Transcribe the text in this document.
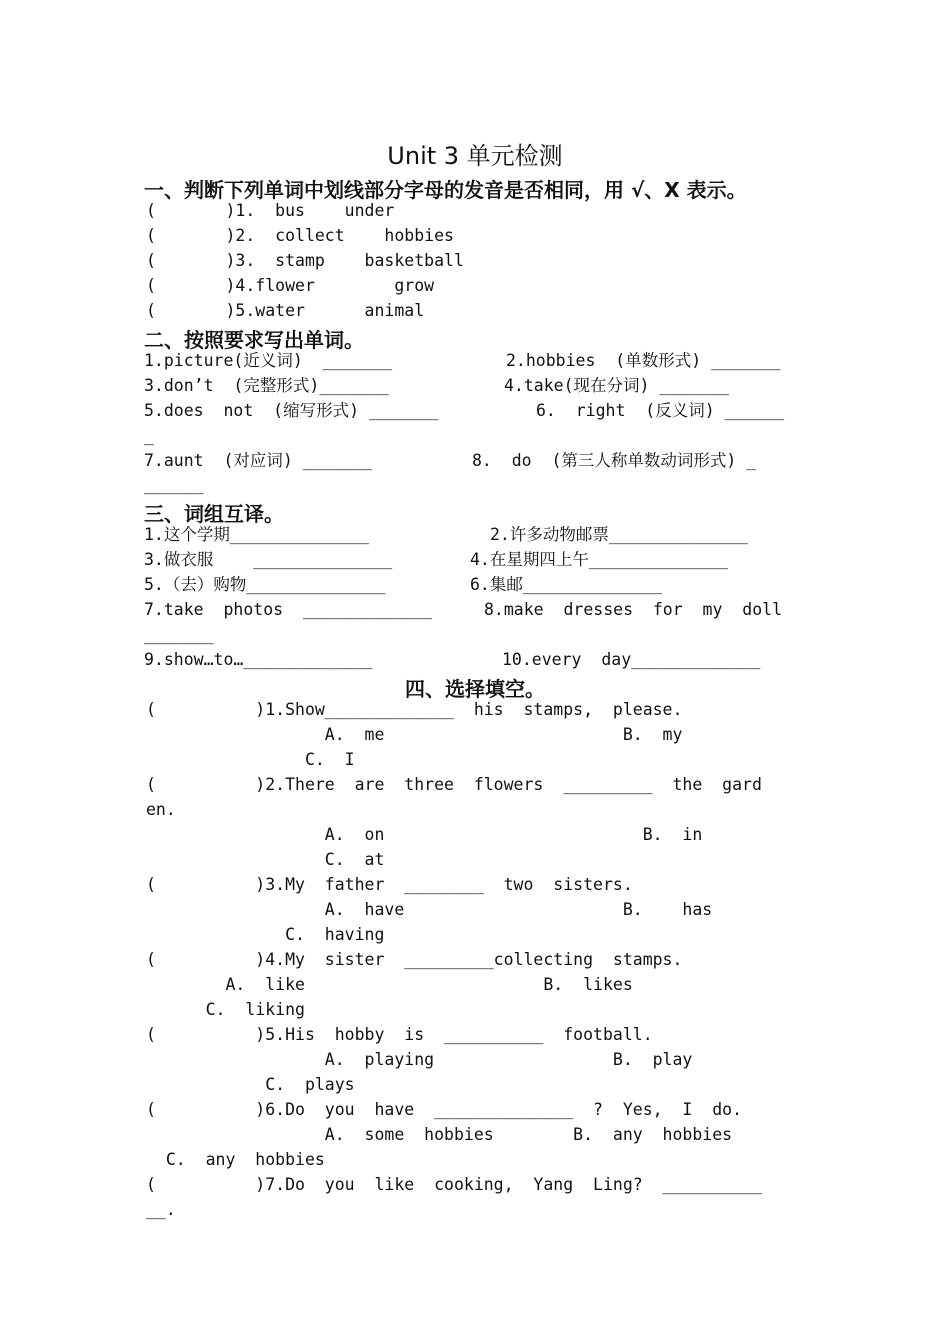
Unit 3 单元检测
一、判断下列单词中划线部分字母的发音是否相同，用 √、X 表示。
(       )1.  bus    under
(       )2.  collect    hobbies
(       )3.  stamp    basketball
(       )4.flower        grow
(       )5.water      animal
二、按照要求写出单词。
1.picture(近义词)  _______	2.hobbies  (单数形式) _______
3.don’t  (完整形式)_______	4.take(现在分词) _______
5.does  not  (缩写形式) _______	6.  right  (反义词) ______
_
7.aunt  (对应词) _______	8.  do  (第三人称单数动词形式) _
______
三、词组互译。
1.这个学期______________	2.许多动物邮票______________
3.做衣服    ______________	4.在星期四上午______________
5.（去）购物______________	6.集邮______________
7.take  photos  _____________	8.make  dresses  for  my  doll
_______
9.show…to…_____________	10.every  day_____________
四、选择填空。
(          )1.Show_____________  his  stamps,  please.
A.  me                        B.  my
C.  I
(          )2.There  are  three  flowers  _________  the  gard
en.
A.  on                          B.  in
C.  at
(          )3.My  father  ________  two  sisters.
A.  have                      B.    has
C.  having
(          )4.My  sister  _________collecting  stamps.
A.  like                        B.  likes
C.  liking
(          )5.His  hobby  is  __________  football.
A.  playing                  B.  play
C.  plays
(          )6.Do  you  have  ______________  ?  Yes,  I  do.
A.  some  hobbies        B.  any  hobbies
C.  any  hobbies
(          )7.Do  you  like  cooking,  Yang  Ling?  __________
__.
